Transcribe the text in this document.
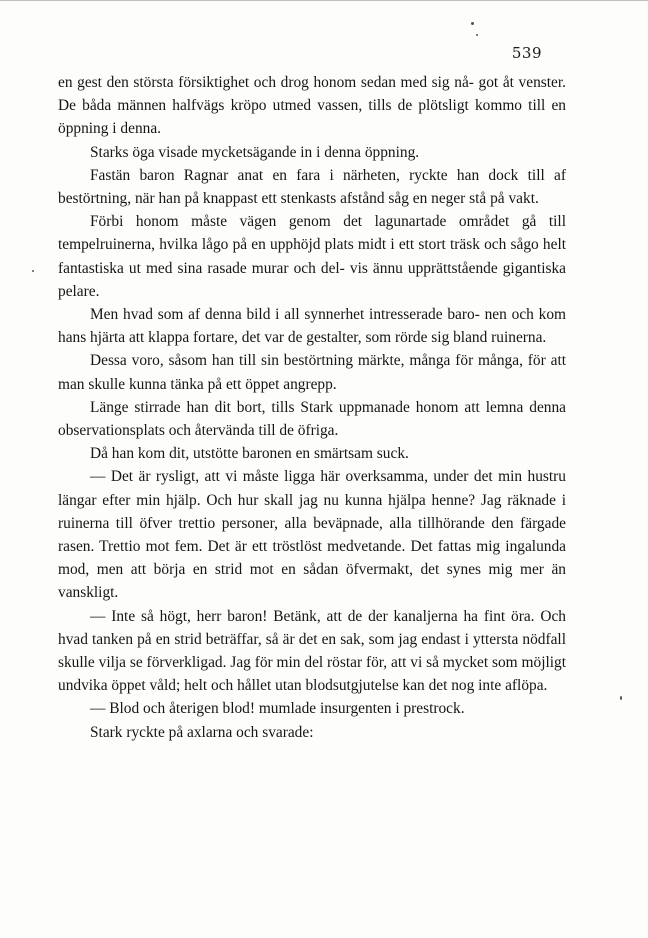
539

en gest den största försiktighet och drog honom sedan med sig nå- got åt venster. De båda männen halfvägs kröpo utmed vassen, tills de plötsligt kommo till en öppning i denna.

Starks öga visade mycketsägande in i denna öppning.

Fastän baron Ragnar anat en fara i närheten, ryckte han dock till af bestörtning, när han på knappast ett stenkasts afstånd såg en neger stå på vakt.

Förbi honom måste vägen genom det lagunartade området gå till tempelruinerna, hvilka lågo på en upphöjd plats midt i ett stort träsk och sågo helt fantastiska ut med sina rasade murar och del- vis ännu upprättstående gigantiska pelare.

Men hvad som af denna bild i all synnerhet intresserade baro- nen och kom hans hjärta att klappa fortare, det var de gestalter, som rörde sig bland ruinerna.

Dessa voro, såsom han till sin bestörtning märkte, många för många, för att man skulle kunna tänka på ett öppet angrepp.

Länge stirrade han dit bort, tills Stark uppmanade honom att lemna denna observationsplats och återvända till de öfriga.

Då han kom dit, utstötte baronen en smärtsam suck.

— Det är rysligt, att vi måste ligga här overksamma, under det min hustru längar efter min hjälp. Och hur skall jag nu kunna hjälpa henne? Jag räknade i ruinerna till öfver trettio personer, alla beväpnade, alla tillhörande den färgade rasen. Trettio mot fem. Det är ett tröstlöst medvetande. Det fattas mig ingalunda mod, men att börja en strid mot en sådan öfvermakt, det synes mig mer än vanskligt.

— Inte så högt, herr baron! Betänk, att de der kanaljerna ha fint öra. Och hvad tanken på en strid beträffar, så är det en sak, som jag endast i yttersta nödfall skulle vilja se förverkligad. Jag för min del röstar för, att vi så mycket som möjligt undvika öppet våld; helt och hållet utan blodsutgjutelse kan det nog inte aflöpa.

— Blod och återigen blod! mumlade insurgenten i prestrock.

Stark ryckte på axlarna och svarade:
